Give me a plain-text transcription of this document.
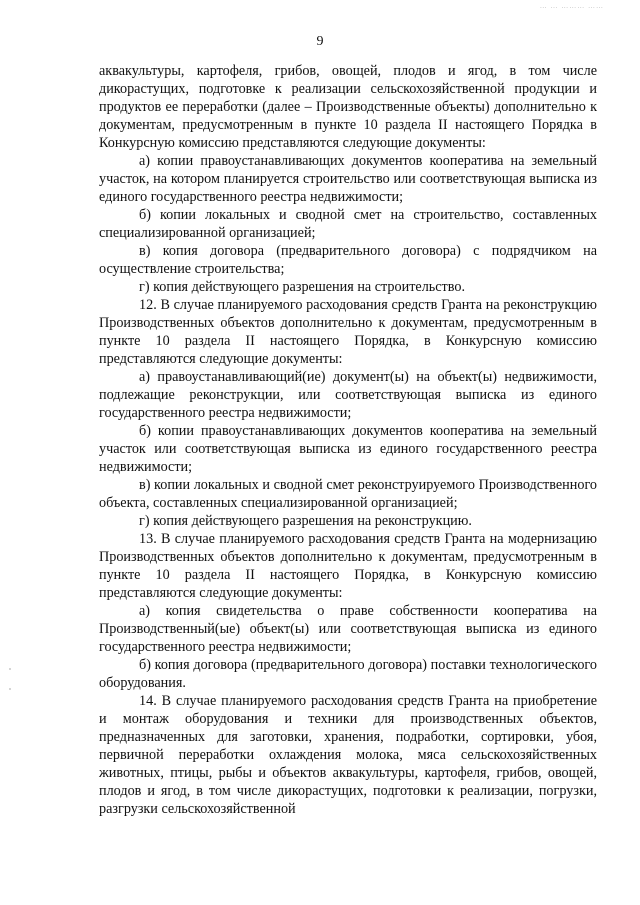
… … ……… ……
9

аквакультуры, картофеля, грибов, овощей, плодов и ягод, в том числе дикорастущих, подготовке к реализации сельскохозяйственной продукции и продуктов ее переработки (далее – Производственные объекты) дополнительно к документам, предусмотренным в пункте 10 раздела II настоящего Порядка в Конкурсную комиссию представляются следующие документы:

а) копии правоустанавливающих документов кооператива на земельный участок, на котором планируется строительство или соответствующая выписка из единого государственного реестра недвижимости;

б) копии локальных и сводной смет на строительство, составленных специализированной организацией;

в) копия договора (предварительного договора) с подрядчиком на осуществление строительства;

г) копия действующего разрешения на строительство.

12. В случае планируемого расходования средств Гранта на реконструкцию Производственных объектов дополнительно к документам, предусмотренным в пункте 10 раздела II настоящего Порядка, в Конкурсную комиссию представляются следующие документы:

а) правоустанавливающий(ие) документ(ы) на объект(ы) недвижимости, подлежащие реконструкции, или соответствующая выписка из единого государственного реестра недвижимости;

б) копии правоустанавливающих документов кооператива на земельный участок или соответствующая выписка из единого государственного реестра недвижимости;

в) копии локальных и сводной смет реконструируемого Производственного объекта, составленных специализированной организацией;

г) копия действующего разрешения на реконструкцию.

13. В случае планируемого расходования средств Гранта на модернизацию Производственных объектов дополнительно к документам, предусмотренным в пункте 10 раздела II настоящего Порядка, в Конкурсную комиссию представляются следующие документы:

а) копия свидетельства о праве собственности кооператива на Производственный(ые) объект(ы) или соответствующая выписка из единого государственного реестра недвижимости;

б) копия договора (предварительного договора) поставки технологического оборудования.

14. В случае планируемого расходования средств Гранта на приобретение и монтаж оборудования и техники для производственных объектов, предназначенных для заготовки, хранения, подработки, сортировки, убоя, первичной переработки охлаждения молока, мяса сельскохозяйственных животных, птицы, рыбы и объектов аквакультуры, картофеля, грибов, овощей, плодов и ягод, в том числе дикорастущих, подготовки к реализации, погрузки, разгрузки сельскохозяйственной
